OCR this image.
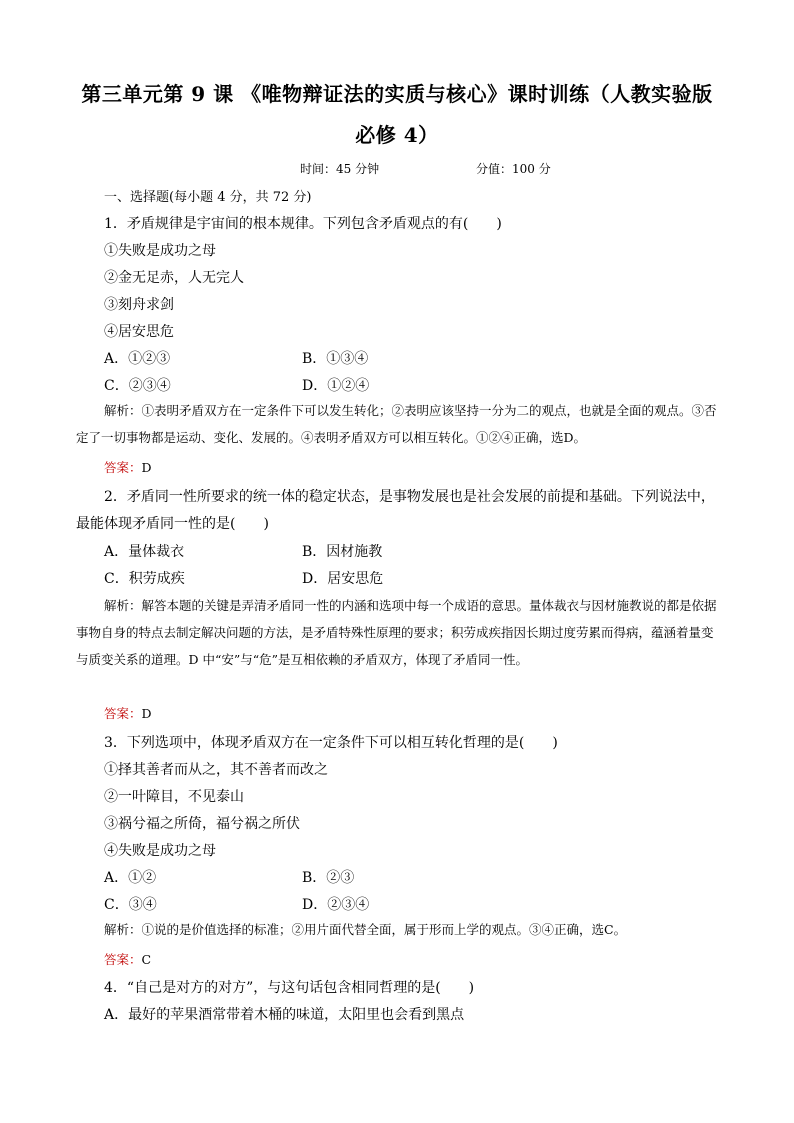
第三单元第 9 课 《唯物辩证法的实质与核心》课时训练（人教实验版
必修 4）
时间：45 分钟	分值：100 分
一、选择题(每小题 4 分，共 72 分)
1．矛盾规律是宇宙间的根本规律。下列包含矛盾观点的有(　　)
①失败是成功之母
②金无足赤，人无完人
③刻舟求剑
④居安思危
A．①②③	B．①③④
C．②③④	D．①②④
解析：①表明矛盾双方在一定条件下可以发生转化；②表明应该坚持一分为二的观点，也就是全面的观点。③否定了一切事物都是运动、变化、发展的。④表明矛盾双方可以相互转化。①②④正确，选D。
答案：D
2．矛盾同一性所要求的统一体的稳定状态，是事物发展也是社会发展的前提和基础。下列说法中，
最能体现矛盾同一性的是(　　)
A．量体裁衣	B．因材施教
C．积劳成疾	D．居安思危
解析：解答本题的关键是弄清矛盾同一性的内涵和选项中每一个成语的意思。量体裁衣与因材施教说的都是依据事物自身的特点去制定解决问题的方法，是矛盾特殊性原理的要求；积劳成疾指因长期过度劳累而得病，蕴涵着量变与质变关系的道理。D 中“安”与“危”是互相依赖的矛盾双方，体现了矛盾同一性。
答案：D
3．下列选项中，体现矛盾双方在一定条件下可以相互转化哲理的是(　　)
①择其善者而从之，其不善者而改之
②一叶障目，不见泰山
③祸兮福之所倚，福兮祸之所伏
④失败是成功之母
A．①②	B．②③
C．③④	D．②③④
解析：①说的是价值选择的标准；②用片面代替全面，属于形而上学的观点。③④正确，选C。
答案：C
4．“自己是对方的对方”，与这句话包含相同哲理的是(　　)
A．最好的苹果酒常带着木桶的味道，太阳里也会看到黑点
